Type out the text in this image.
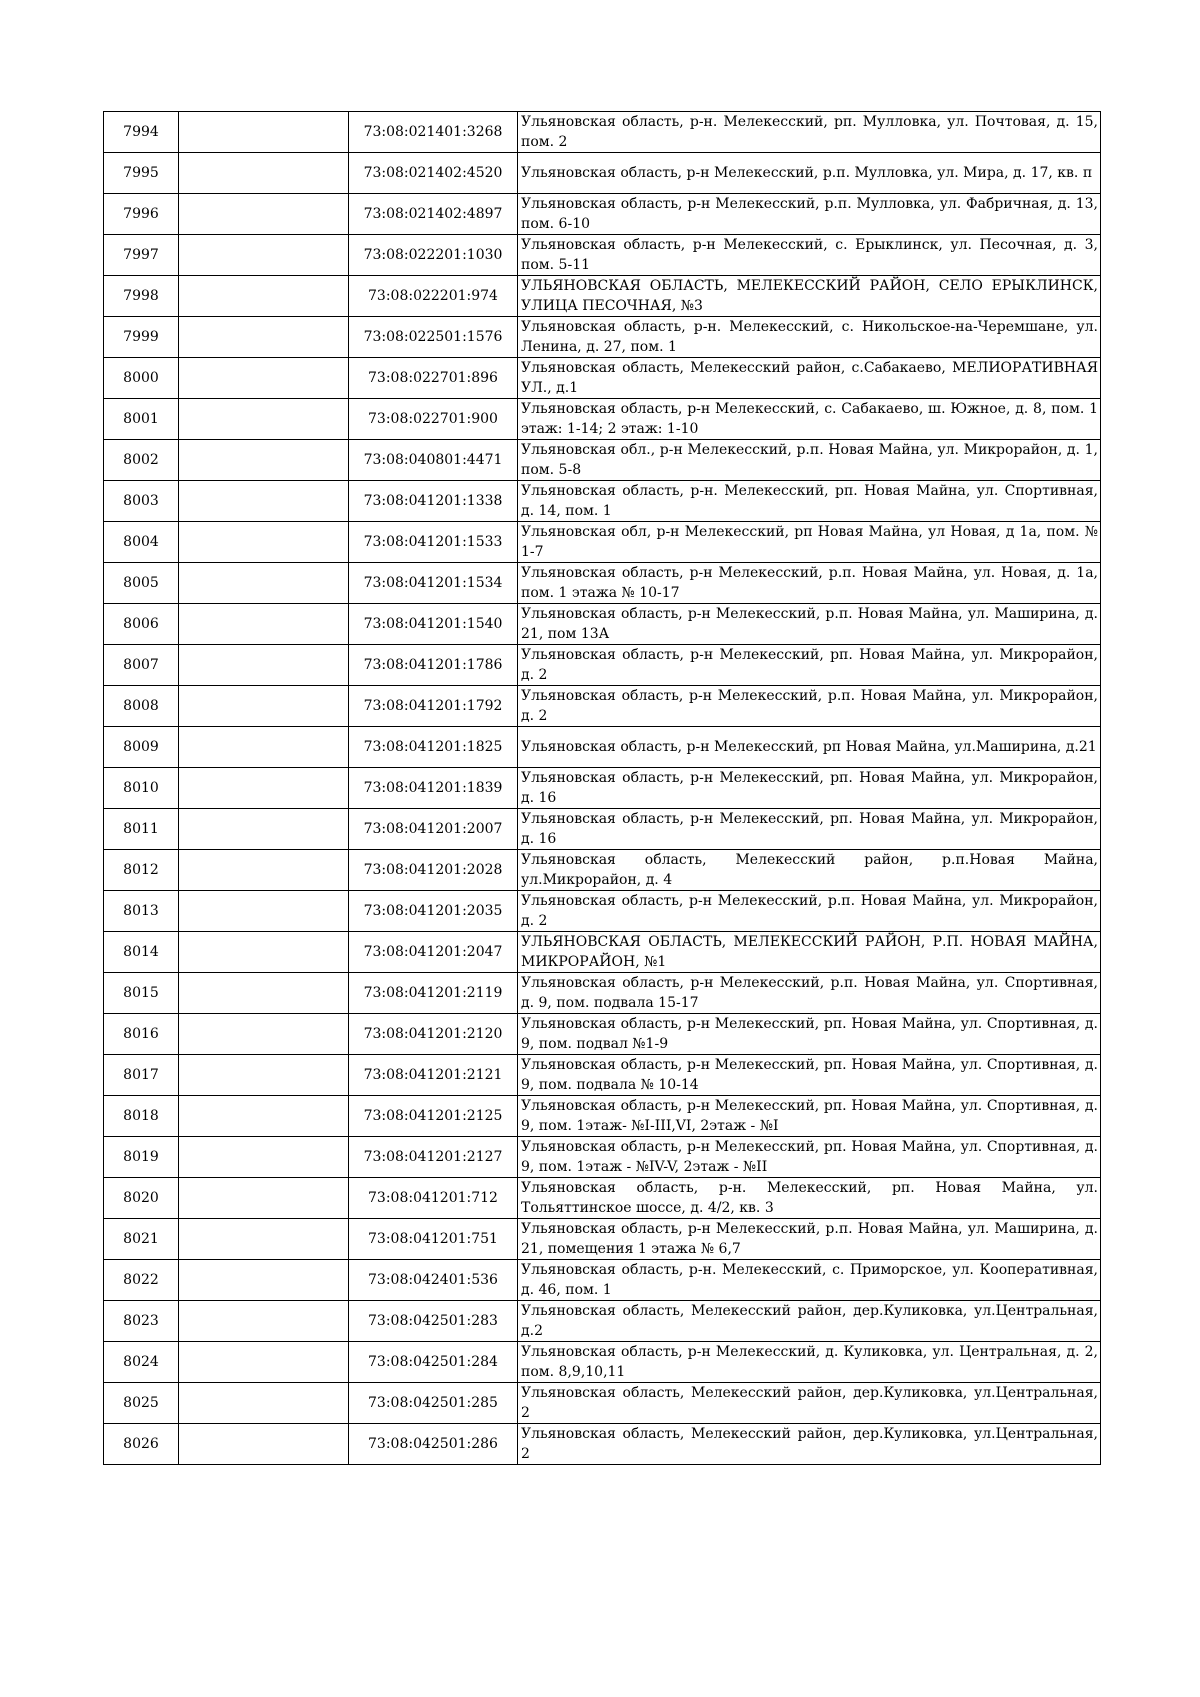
7994		73:08:021401:3268	Ульяновская область, р-н. Мелекесский, рп. Мулловка, ул. Почтовая, д. 15, пом. 2
7995		73:08:021402:4520	Ульяновская область, р-н Мелекесский, р.п. Мулловка, ул. Мира, д. 17, кв. п
7996		73:08:021402:4897	Ульяновская область, р-н Мелекесский, р.п. Мулловка, ул. Фабричная, д. 13, пом. 6-10
7997		73:08:022201:1030	Ульяновская область, р-н Мелекесский, с. Ерыклинск, ул. Песочная, д. 3, пом. 5-11
7998		73:08:022201:974	УЛЬЯНОВСКАЯ ОБЛАСТЬ, МЕЛЕКЕССКИЙ РАЙОН, СЕЛО ЕРЫКЛИНСК, УЛИЦА ПЕСОЧНАЯ, №3
7999		73:08:022501:1576	Ульяновская область, р-н. Мелекесский, с. Никольское-на-Черемшане, ул. Ленина, д. 27, пом. 1
8000		73:08:022701:896	Ульяновская область, Мелекесский район, с.Сабакаево, МЕЛИОРАТИВНАЯ УЛ., д.1
8001		73:08:022701:900	Ульяновская область, р-н Мелекесский, с. Сабакаево, ш. Южное, д. 8, пом. 1 этаж: 1-14; 2 этаж: 1-10
8002		73:08:040801:4471	Ульяновская обл., р-н Мелекесский, р.п. Новая Майна, ул. Микрорайон, д. 1, пом. 5-8
8003		73:08:041201:1338	Ульяновская область, р-н. Мелекесский, рп. Новая Майна, ул. Спортивная, д. 14, пом. 1
8004		73:08:041201:1533	Ульяновская обл, р-н Мелекесский, рп Новая Майна, ул Новая, д 1а, пом. № 1-7
8005		73:08:041201:1534	Ульяновская область, р-н Мелекесский, р.п. Новая Майна, ул. Новая, д. 1а, пом. 1 этажа № 10-17
8006		73:08:041201:1540	Ульяновская область, р-н Мелекесский, р.п. Новая Майна, ул. Маширина, д. 21, пом 13А
8007		73:08:041201:1786	Ульяновская область, р-н Мелекесский, рп. Новая Майна, ул. Микрорайон, д. 2
8008		73:08:041201:1792	Ульяновская область, р-н Мелекесский, р.п. Новая Майна, ул. Микрорайон, д. 2
8009		73:08:041201:1825	Ульяновская область, р-н Мелекесский, рп Новая Майна, ул.Маширина, д.21
8010		73:08:041201:1839	Ульяновская область, р-н Мелекесский, рп. Новая Майна, ул. Микрорайон, д. 16
8011		73:08:041201:2007	Ульяновская область, р-н Мелекесский, рп. Новая Майна, ул. Микрорайон, д. 16
8012		73:08:041201:2028	Ульяновская область, Мелекесский район, р.п.Новая Майна, ул.Микрорайон, д. 4
8013		73:08:041201:2035	Ульяновская область, р-н Мелекесский, р.п. Новая Майна, ул. Микрорайон, д. 2
8014		73:08:041201:2047	УЛЬЯНОВСКАЯ ОБЛАСТЬ, МЕЛЕКЕССКИЙ РАЙОН, Р.П. НОВАЯ МАЙНА, МИКРОРАЙОН, №1
8015		73:08:041201:2119	Ульяновская область, р-н Мелекесский, р.п. Новая Майна, ул. Спортивная, д. 9, пом. подвала 15-17
8016		73:08:041201:2120	Ульяновская область, р-н Мелекесский, рп. Новая Майна, ул. Спортивная, д. 9, пом. подвал №1-9
8017		73:08:041201:2121	Ульяновская область, р-н Мелекесский, рп. Новая Майна, ул. Спортивная, д. 9, пом. подвала № 10-14
8018		73:08:041201:2125	Ульяновская область, р-н Мелекесский, рп. Новая Майна, ул. Спортивная, д. 9, пом. 1этаж- №I-III,VI, 2этаж - №I
8019		73:08:041201:2127	Ульяновская область, р-н Мелекесский, рп. Новая Майна, ул. Спортивная, д. 9, пом. 1этаж - №IV-V, 2этаж - №II
8020		73:08:041201:712	Ульяновская область, р-н. Мелекесский, рп. Новая Майна, ул. Тольяттинское шоссе, д. 4/2, кв. 3
8021		73:08:041201:751	Ульяновская область, р-н Мелекесский, р.п. Новая Майна, ул. Маширина, д. 21, помещения 1 этажа № 6,7
8022		73:08:042401:536	Ульяновская область, р-н. Мелекесский, с. Приморское, ул. Кооперативная, д. 46, пом. 1
8023		73:08:042501:283	Ульяновская область, Мелекесский район, дер.Куликовка, ул.Центральная, д.2
8024		73:08:042501:284	Ульяновская область, р-н Мелекесский, д. Куликовка, ул. Центральная, д. 2, пом. 8,9,10,11
8025		73:08:042501:285	Ульяновская область, Мелекесский район, дер.Куликовка, ул.Центральная, 2
8026		73:08:042501:286	Ульяновская область, Мелекесский район, дер.Куликовка, ул.Центральная, 2
